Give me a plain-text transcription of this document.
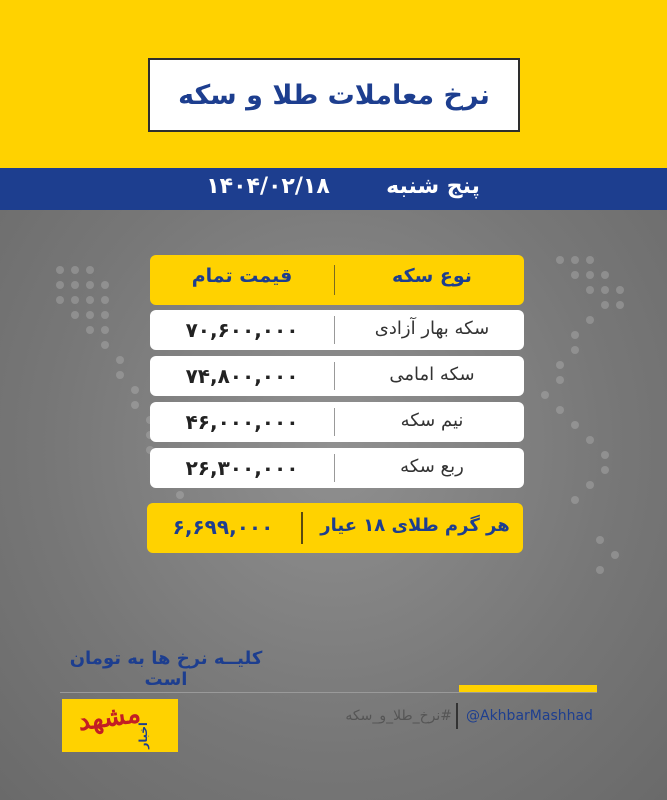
نرخ معاملات طلا و سکه
پنج شنبه
۱۴۰۴/۰۲/۱۸
نوع سکه
قیمت تمام
سکه بهار آزادی
۷۰,۶۰۰,۰۰۰
سکه امامی
۷۴,۸۰۰,۰۰۰
نیم سکه
۴۶,۰۰۰,۰۰۰
ربع سکه
۲۶,۳۰۰,۰۰۰
هر گرم طلای ۱۸ عیار
۶,۶۹۹,۰۰۰
کلیــه نرخ ها به تومان است
مشهد
اخبار
#نرخ_طلا_و_سکه @AkhbarMashhad
